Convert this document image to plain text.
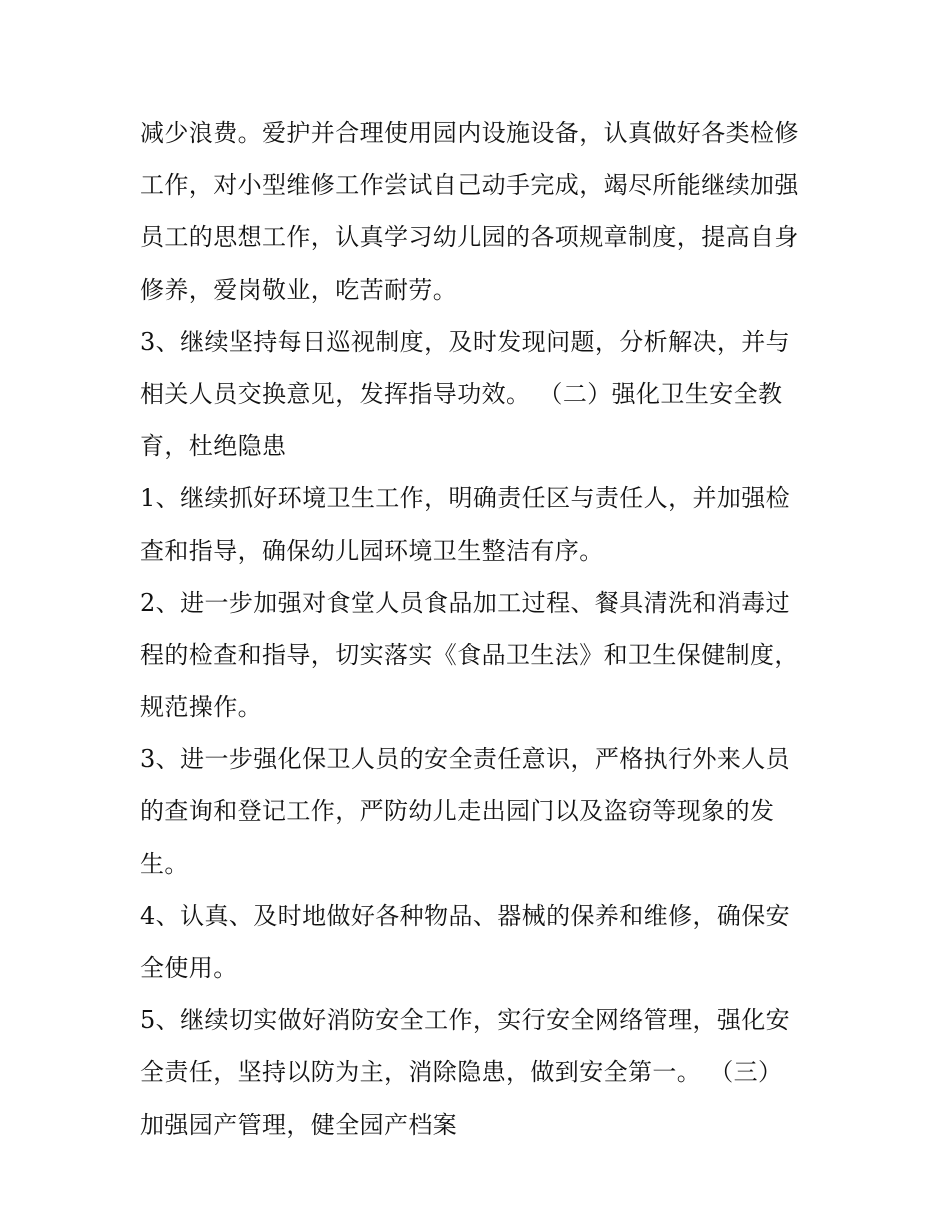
减少浪费。爱护并合理使用园内设施设备，认真做好各类检修
工作，对小型维修工作尝试自己动手完成，竭尽所能继续加强
员工的思想工作，认真学习幼儿园的各项规章制度，提高自身
修养，爱岗敬业，吃苦耐劳。
3、继续坚持每日巡视制度，及时发现问题，分析解决，并与
相关人员交换意见，发挥指导功效。 （二）强化卫生安全教
育，杜绝隐患
1、继续抓好环境卫生工作，明确责任区与责任人，并加强检
查和指导，确保幼儿园环境卫生整洁有序。
2、进一步加强对食堂人员食品加工过程、餐具清洗和消毒过
程的检查和指导，切实落实《食品卫生法》和卫生保健制度，
规范操作。
3、进一步强化保卫人员的安全责任意识，严格执行外来人员
的查询和登记工作，严防幼儿走出园门以及盗窃等现象的发
生。
4、认真、及时地做好各种物品、器械的保养和维修，确保安
全使用。
5、继续切实做好消防安全工作，实行安全网络管理，强化安
全责任，坚持以防为主，消除隐患，做到安全第一。 （三）
加强园产管理，健全园产档案
